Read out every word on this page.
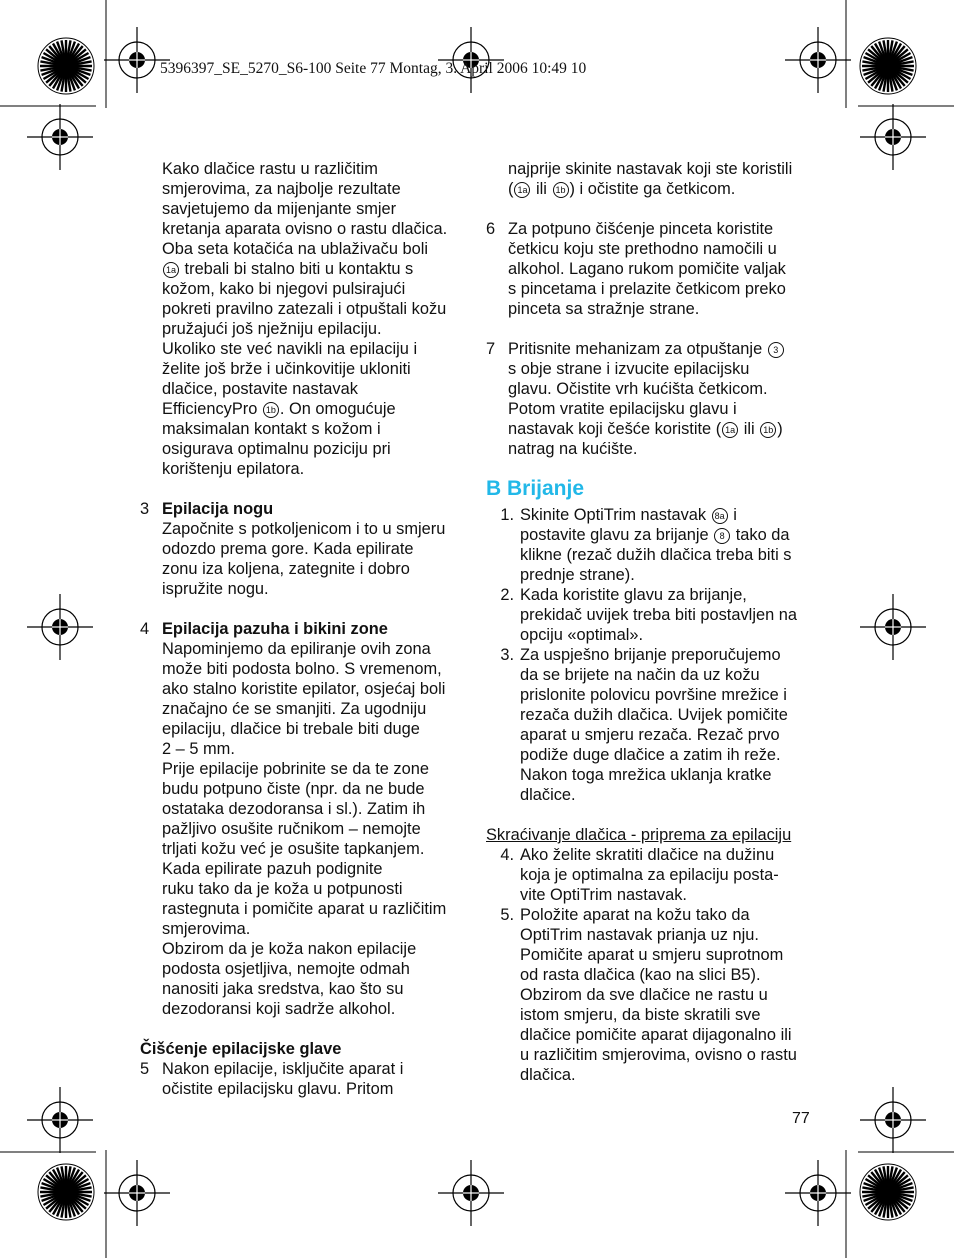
5396397_SE_5270_S6-100 Seite 77 Montag, 3. April 2006 10:49 10
Kako dlačice rastu u različitim
smjerovima, za najbolje rezultate
savjetujemo da mijenjante smjer
kretanja aparata ovisno o rastu dlačica.
Oba seta kotačića na ublaživaču boli
1a trebali bi stalno biti u kontaktu s
kožom, kako bi njegovi pulsirajući
pokreti pravilno zatezali i otpuštali kožu
pružajući još nježniju epilaciju.
Ukoliko ste već navikli na epilaciju i
želite još brže i učinkovitije ukloniti
dlačice, postavite nastavak
EfficiencyPro 1b . On omogućuje
maksimalan kontakt s kožom i
osigurava optimalnu poziciju pri
korištenju epilatora.
3 Epilacija nogu
Započnite s potkoljenicom i to u smjeru
odozdo prema gore. Kada epilirate
zonu iza koljena, zategnite i dobro
ispružite nogu.
4 Epilacija pazuha i bikini zone
Napominjemo da epiliranje ovih zona
može biti podosta bolno. S vremenom,
ako stalno koristite epilator, osjećaj boli
značajno će se smanjiti. Za ugodniju
epilaciju, dlačice bi trebale biti duge
2 – 5 mm.
Prije epilacije pobrinite se da te zone
budu potpuno čiste (npr. da ne bude
ostataka dezodoransa i sl.). Zatim ih
pažljivo osušite ručnikom – nemojte
trljati kožu već je osušite tapkanjem.
Kada epilirate pazuh podignite
ruku tako da je koža u potpunosti
rastegnuta i pomičite aparat u različitim
smjerovima.
Obzirom da je koža nakon epilacije
podosta osjetljiva, nemojte odmah
nanositi jaka sredstva, kao što su
dezodoransi koji sadrže alkohol.
Čišćenje epilacijske glave
5 Nakon epilacije, isključite aparat i
očistite epilacijsku glavu. Pritom
najprije skinite nastavak koji ste koristili
( 1a ili 1b ) i očistite ga četkicom.
6 Za potpuno čišćenje pinceta koristite
četkicu koju ste prethodno namočili u
alkohol. Lagano rukom pomičite valjak
s pincetama i prelazite četkicom preko
pinceta sa stražnje strane.
7 Pritisnite mehanizam za otpuštanje 3
s obje strane i izvucite epilacijsku
glavu. Očistite vrh kućišta četkicom.
Potom vratite epilacijsku glavu i
nastavak koji češće koristite ( 1a ili 1b )
natrag na kućište.
B Brijanje
1. Skinite OptiTrim nastavak 8a i
postavite glavu za brijanje 8 tako da
klikne (rezač dužih dlačica treba biti s
prednje strane).
2. Kada koristite glavu za brijanje,
prekidač uvijek treba biti postavljen na
opciju «optimal».
3. Za uspješno brijanje preporučujemo
da se brijete na način da uz kožu
prislonite polovicu površine mrežice i
rezača dužih dlačica. Uvijek pomičite
aparat u smjeru rezača. Rezač prvo
podiže duge dlačice a zatim ih reže.
Nakon toga mrežica uklanja kratke
dlačice.
Skraćivanje dlačica - priprema za epilaciju
4. Ako želite skratiti dlačice na dužinu
koja je optimalna za epilaciju posta-
vite OptiTrim nastavak.
5. Položite aparat na kožu tako da
OptiTrim nastavak prianja uz nju.
Pomičite aparat u smjeru suprotnom
od rasta dlačica (kao na slici B5).
Obzirom da sve dlačice ne rastu u
istom smjeru, da biste skratili sve
dlačice pomičite aparat dijagonalno ili
u različitim smjerovima, ovisno o rastu
dlačica.
77
